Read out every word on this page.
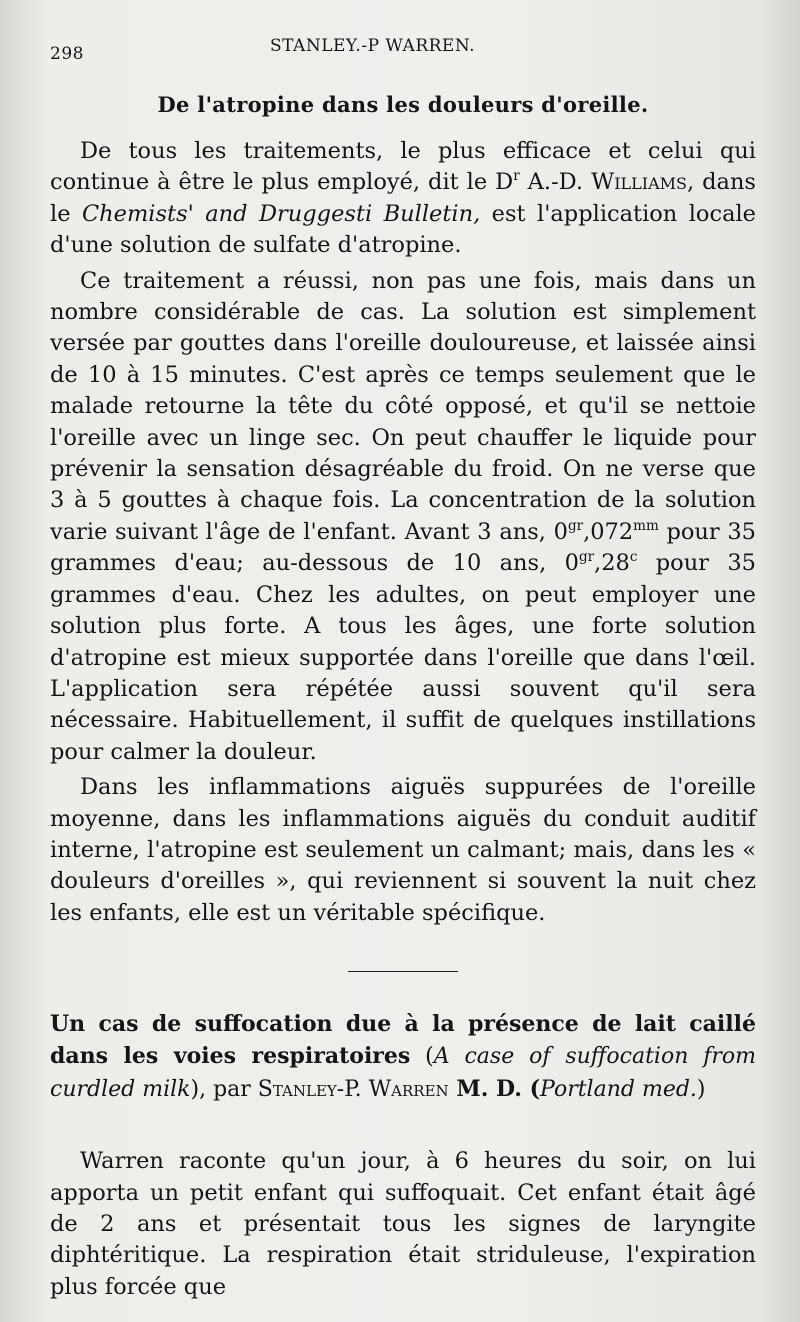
298	STANLEY.-P WARREN.
De l'atropine dans les douleurs d'oreille.

De tous les traitements, le plus efficace et celui qui continue à être le plus employé, dit le $D^r$ A.-D. Williams, dans le Chemists' and Druggesti Bulletin, est l'application locale d'une solution de sulfate d'atropine.

Ce traitement a réussi, non pas une fois, mais dans un nombre considérable de cas. La solution est simplement versée par gouttes dans l'oreille douloureuse, et laissée ainsi de 10 à 15 minutes. C'est après ce temps seulement que le malade retourne la tête du côté opposé, et qu'il se nettoie l'oreille avec un linge sec. On peut chauffer le liquide pour prévenir la sensation désagréable du froid. On ne verse que 3 à 5 gouttes à chaque fois. La concentration de la solution varie suivant l'âge de l'enfant. Avant 3 ans, $0^{gr},072^{mm}$ pour 35 grammes d'eau; au-dessous de 10 ans, $0^{gr},28^c$ pour 35 grammes d'eau. Chez les adultes, on peut employer une solution plus forte. A tous les âges, une forte solution d'atropine est mieux supportée dans l'oreille que dans l'œil. L'application sera répétée aussi souvent qu'il sera nécessaire. Habituellement, il suffit de quelques instillations pour calmer la douleur.

Dans les inflammations aiguës suppurées de l'oreille moyenne, dans les inflammations aiguës du conduit auditif interne, l'atropine est seulement un calmant; mais, dans les « douleurs d'oreilles », qui reviennent si souvent la nuit chez les enfants, elle est un véritable spécifique.

Un cas de suffocation due à la présence de lait caillé dans les voies respiratoires (A case of suffocation from curdled milk), par Stanley-P. Warren M. D. (Portland med.)

Warren raconte qu'un jour, à 6 heures du soir, on lui apporta un petit enfant qui suffoquait. Cet enfant était âgé de 2 ans et présentait tous les signes de laryngite diphtéritique. La respiration était stridulеuse, l'expiration plus forcée que
